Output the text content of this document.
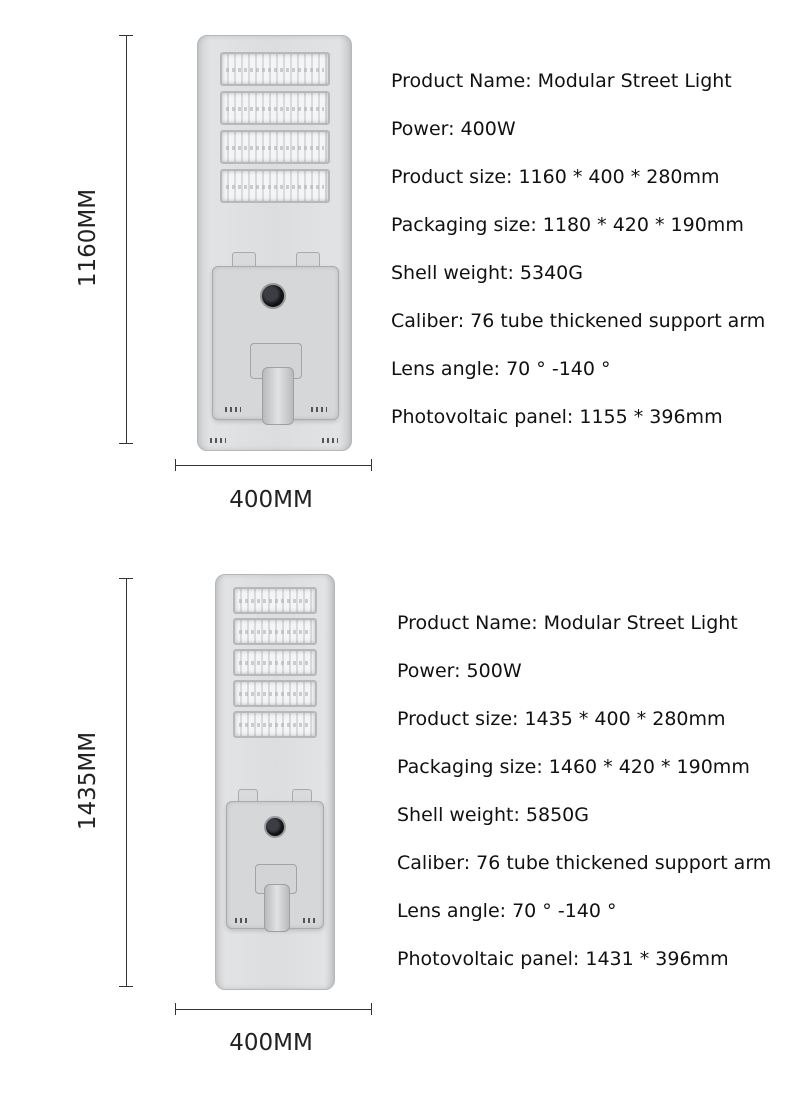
1160MM
400MM
Product Name: Modular Street Light
Power: 400W
Product size: 1160 * 400 * 280mm
Packaging size: 1180 * 420 * 190mm
Shell weight: 5340G
Caliber: 76 tube thickened support arm
Lens angle: 70 ° -140 °
Photovoltaic panel: 1155 * 396mm
1435MM
400MM
Product Name: Modular Street Light
Power: 500W
Product size: 1435 * 400 * 280mm
Packaging size: 1460 * 420 * 190mm
Shell weight: 5850G
Caliber: 76 tube thickened support arm
Lens angle: 70 ° -140 °
Photovoltaic panel: 1431 * 396mm
